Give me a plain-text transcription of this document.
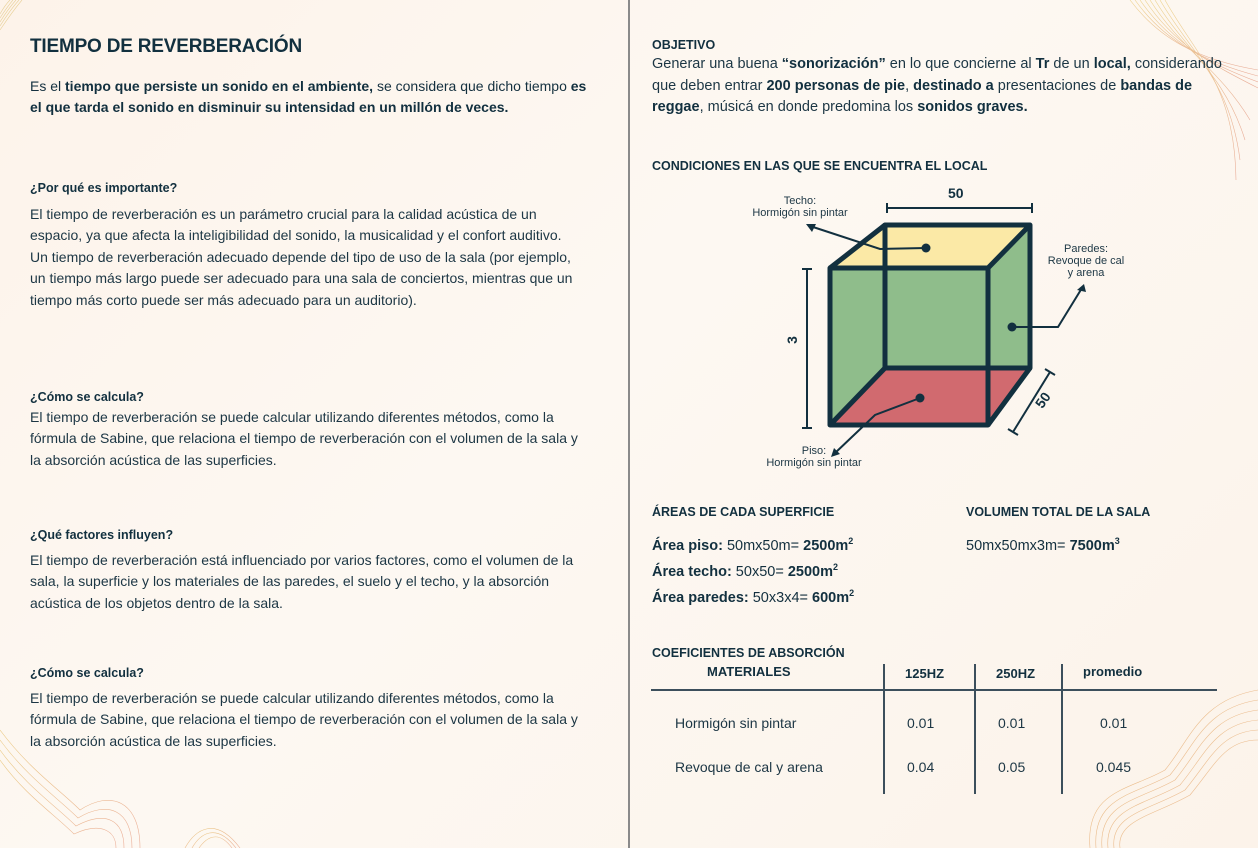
TIEMPO DE REVERBERACIÓN

Es el tiempo que persiste un sonido en el ambiente, se considera que dicho tiempo es el que tarda el sonido en disminuir su intensidad en un millón de veces.

¿Por qué es importante?

El tiempo de reverberación es un parámetro crucial para la calidad acústica de un espacio, ya que afecta la inteligibilidad del sonido, la musicalidad y el confort auditivo. Un tiempo de reverberación adecuado depende del tipo de uso de la sala (por ejemplo, un tiempo más largo puede ser adecuado para una sala de conciertos, mientras que un tiempo más corto puede ser más adecuado para un auditorio).

¿Cómo se calcula?

El tiempo de reverberación se puede calcular utilizando diferentes métodos, como la fórmula de Sabine, que relaciona el tiempo de reverberación con el volumen de la sala y la absorción acústica de las superficies.

¿Qué factores influyen?

El tiempo de reverberación está influenciado por varios factores, como el volumen de la sala, la superficie y los materiales de las paredes, el suelo y el techo, y la absorción acústica de los objetos dentro de la sala.

¿Cómo se calcula?

El tiempo de reverberación se puede calcular utilizando diferentes métodos, como la fórmula de Sabine, que relaciona el tiempo de reverberación con el volumen de la sala y la absorción acústica de las superficies.

OBJETIVO

Generar una buena “sonorización” en lo que concierne al Tr de un local, considerando que deben entrar 200 personas de pie, destinado a presentaciones de bandas de reggae, músicá en donde predomina los sonidos graves.

CONDICIONES EN LAS QUE SE ENCUENTRA EL LOCAL
Techo:
Hormigón sin pintar
Paredes:
Revoque de cal
y arena
Piso:
Hormigón sin pintar
50
3
50
ÁREAS DE CADA SUPERFICIE
Área piso: $50mx50m= 2500m^2$
Área techo: $50x50= 2500m^2$
Área paredes: $50x3x4= 600m^2$
COEFICIENTES DE ABSORCIÓN
VOLUMEN TOTAL DE LA SALA
$50mx50mx3m= 7500m^3$
MATERIALES	125HZ	250HZ	promedio
Hormigón sin pintar	0.01	0.01	0.01
Revoque de cal y arena	0.04	0.05	0.045
